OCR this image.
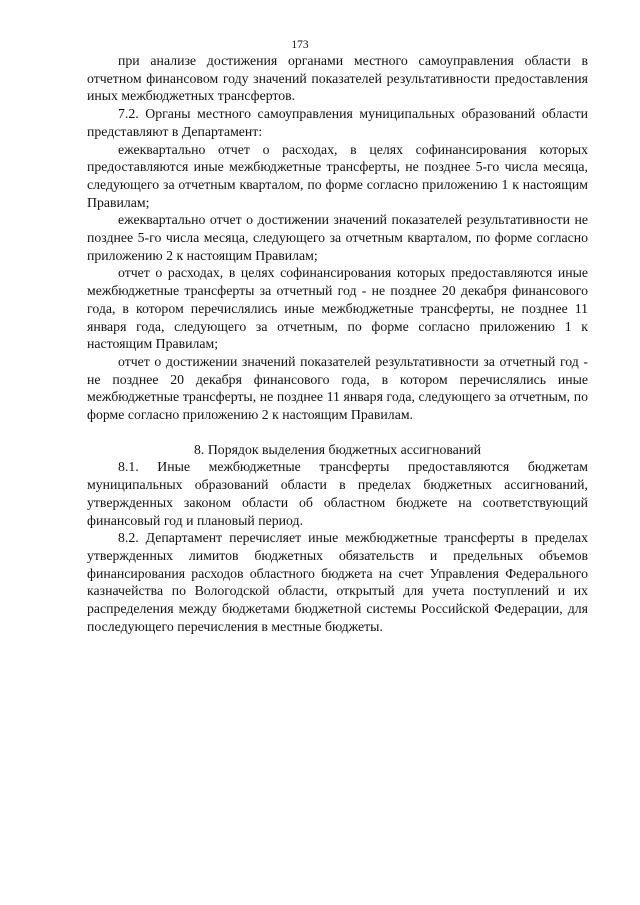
173

при анализе достижения органами местного самоуправления области в отчетном финансовом году значений показателей результативности предоставления иных межбюджетных трансфертов.

7.2. Органы местного самоуправления муниципальных образований области представляют в Департамент:

ежеквартально отчет о расходах, в целях софинансирования которых предоставляются иные межбюджетные трансферты, не позднее 5-го числа месяца, следующего за отчетным кварталом, по форме согласно приложению 1 к настоящим Правилам;

ежеквартально отчет о достижении значений показателей результативности не позднее 5-го числа месяца, следующего за отчетным кварталом, по форме согласно приложению 2 к настоящим Правилам;

отчет о расходах, в целях софинансирования которых предоставляются иные межбюджетные трансферты за отчетный год - не позднее 20 декабря финансового года, в котором перечислялись иные межбюджетные трансферты, не позднее 11 января года, следующего за отчетным, по форме согласно приложению 1 к настоящим Правилам;

отчет о достижении значений показателей результативности за отчетный год - не позднее 20 декабря финансового года, в котором перечислялись иные межбюджетные трансферты, не позднее 11 января года, следующего за отчетным, по форме согласно приложению 2 к настоящим Правилам.

8. Порядок выделения бюджетных ассигнований

8.1. Иные межбюджетные трансферты предоставляются бюджетам муниципальных образований области в пределах бюджетных ассигнований, утвержденных законом области об областном бюджете на соответствующий финансовый год и плановый период.

8.2. Департамент перечисляет иные межбюджетные трансферты в пределах утвержденных лимитов бюджетных обязательств и предельных объемов финансирования расходов областного бюджета на счет Управления Федерального казначейства по Вологодской области, открытый для учета поступлений и их распределения между бюджетами бюджетной системы Российской Федерации, для последующего перечисления в местные бюджеты.
